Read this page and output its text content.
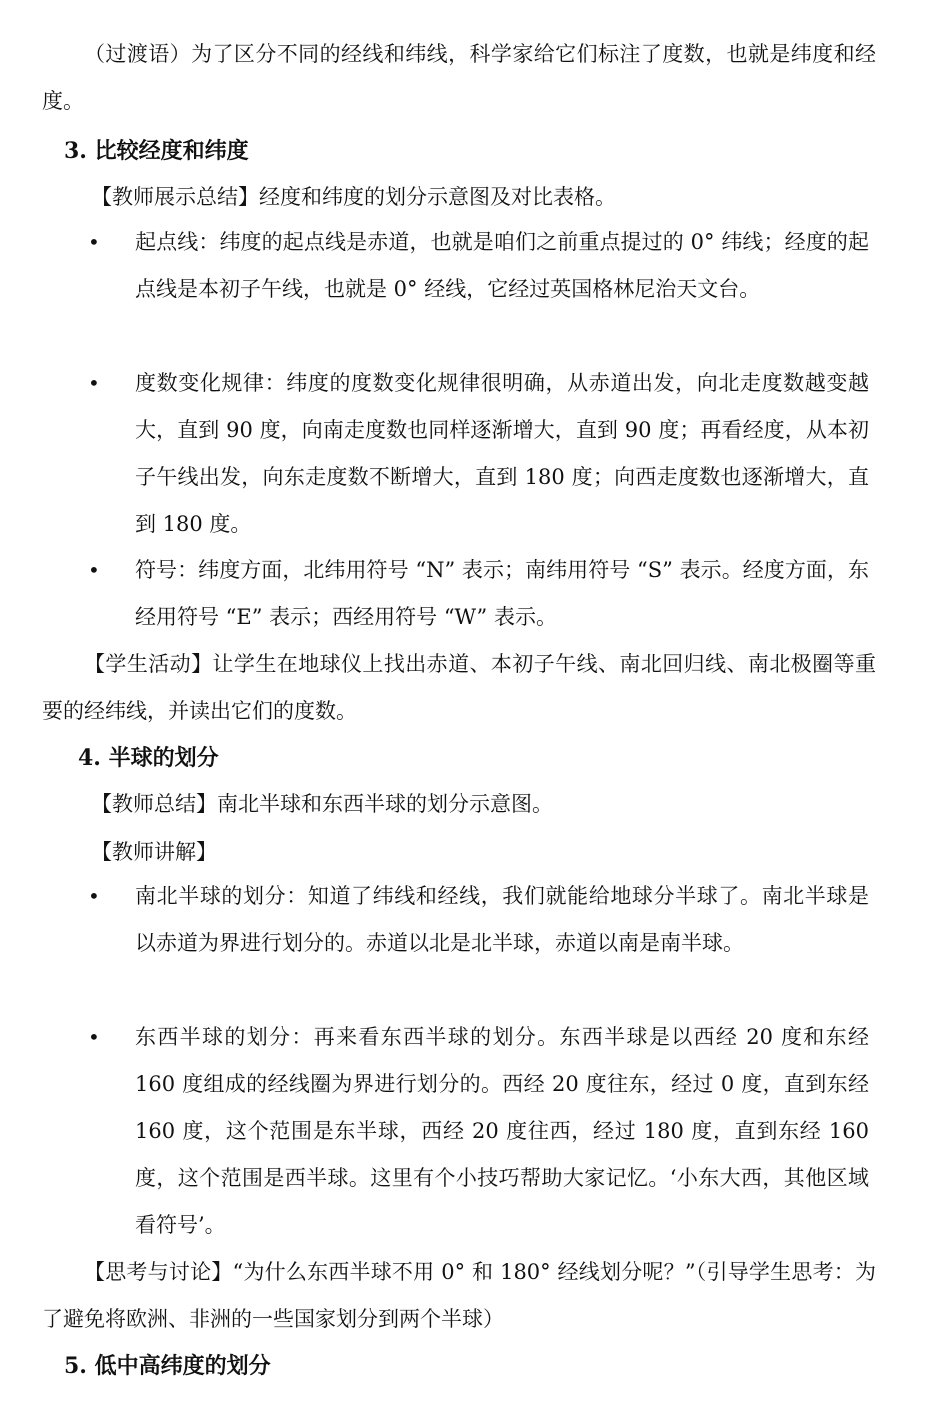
（过渡语）为了区分不同的经线和纬线，科学家给它们标注了度数，也就是纬度和经度。

3. 比较经度和纬度

【教师展示总结】经度和纬度的划分示意图及对比表格。

• 起点线：纬度的起点线是赤道，也就是咱们之前重点提过的 0° 纬线；经度的起点线是本初子午线，也就是 0° 经线，它经过英国格林尼治天文台。

• 度数变化规律：纬度的度数变化规律很明确，从赤道出发，向北走度数越变越大，直到 90 度，向南走度数也同样逐渐增大，直到 90 度；再看经度，从本初子午线出发，向东走度数不断增大，直到 180 度；向西走度数也逐渐增大，直到 180 度。

• 符号：纬度方面，北纬用符号 “N” 表示；南纬用符号 “S” 表示。经度方面，东经用符号 “E” 表示；西经用符号 “W” 表示。

【学生活动】让学生在地球仪上找出赤道、本初子午线、南北回归线、南北极圈等重要的经纬线，并读出它们的度数。

4. 半球的划分

【教师总结】南北半球和东西半球的划分示意图。

【教师讲解】

• 南北半球的划分：知道了纬线和经线，我们就能给地球分半球了。南北半球是以赤道为界进行划分的。赤道以北是北半球，赤道以南是南半球。

• 东西半球的划分：再来看东西半球的划分。东西半球是以西经 20 度和东经 160 度组成的经线圈为界进行划分的。西经 20 度往东，经过 0 度，直到东经 160 度，这个范围是东半球，西经 20 度往西，经过 180 度，直到东经 160 度，这个范围是西半球。这里有个小技巧帮助大家记忆。‘小东大西，其他区域看符号’。

【思考与讨论】“为什么东西半球不用 0° 和 180° 经线划分呢？”（引导学生思考：为了避免将欧洲、非洲的一些国家划分到两个半球）

5. 低中高纬度的划分
